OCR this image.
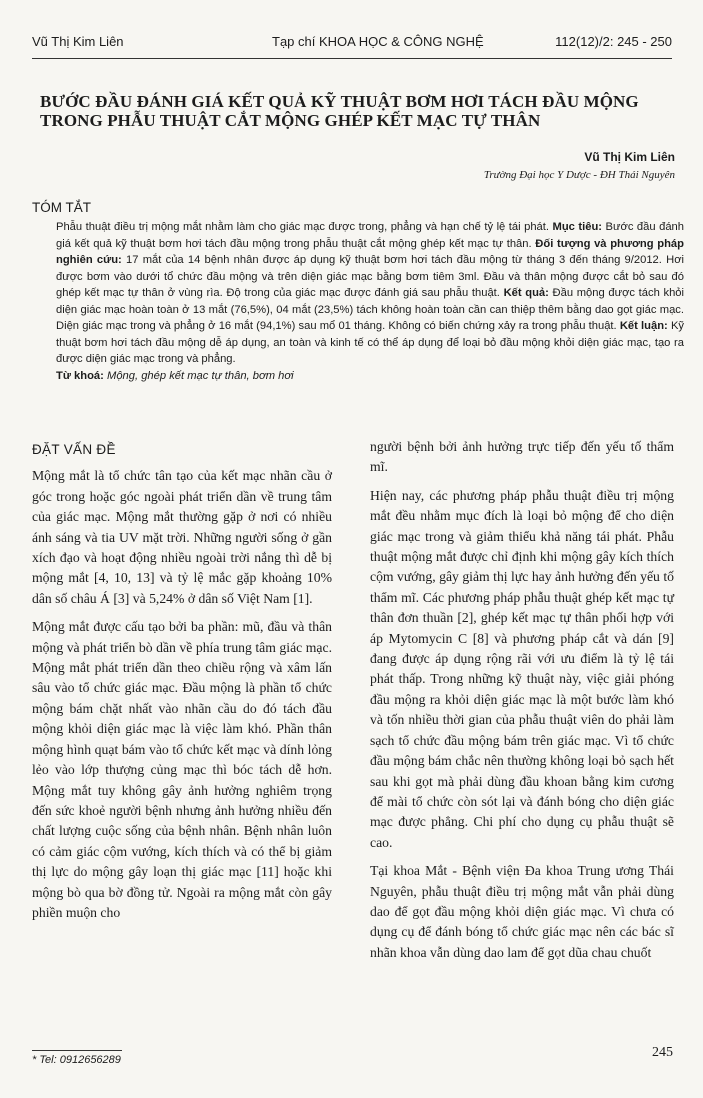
Vũ Thị Kim Liên	Tạp chí KHOA HỌC & CÔNG NGHỆ	112(12)/2: 245 - 250
BƯỚC ĐẦU ĐÁNH GIÁ KẾT QUẢ KỸ THUẬT BƠM HƠI TÁCH ĐẦU MỘNG TRONG PHẪU THUẬT CẮT MỘNG GHÉP KẾT MẠC TỰ THÂN
Vũ Thị Kim Liên
Trường Đại học Y Dược - ĐH Thái Nguyên
TÓM TẮT

Phẫu thuật điều trị mộng mắt nhằm làm cho giác mạc được trong, phẳng và hạn chế tỷ lệ tái phát. Mục tiêu: Bước đầu đánh giá kết quả kỹ thuật bơm hơi tách đầu mộng trong phẫu thuật cắt mộng ghép kết mạc tự thân. Đối tượng và phương pháp nghiên cứu: 17 mắt của 14 bệnh nhân được áp dụng kỹ thuật bơm hơi tách đầu mộng từ tháng 3 đến tháng 9/2012. Hơi được bơm vào dưới tổ chức đầu mộng và trên diện giác mạc bằng bơm tiêm 3ml. Đầu và thân mộng được cắt bỏ sau đó ghép kết mạc tự thân ở vùng rìa. Độ trong của giác mạc được đánh giá sau phẫu thuật. Kết quả: Đầu mộng được tách khỏi diện giác mạc hoàn toàn ở 13 mắt (76,5%), 04 mắt (23,5%) tách không hoàn toàn cần can thiệp thêm bằng dao gọt giác mạc. Diện giác mạc trong và phẳng ở 16 mắt (94,1%) sau mổ 01 tháng. Không có biến chứng xảy ra trong phẫu thuật. Kết luận: Kỹ thuật bơm hơi tách đầu mộng dễ áp dụng, an toàn và kinh tế có thể áp dụng để loại bỏ đầu mộng khỏi diện giác mạc, tạo ra được diện giác mạc trong và phẳng.

Từ khoá: Mộng, ghép kết mạc tự thân, bơm hơi

ĐẶT VẤN ĐỀ

Mộng mắt là tổ chức tân tạo của kết mạc nhãn cầu ở góc trong hoặc góc ngoài phát triển dần về trung tâm của giác mạc. Mộng mắt thường gặp ở nơi có nhiều ánh sáng và tia UV mặt trời. Những người sống ở gần xích đạo và hoạt động nhiều ngoài trời nắng thì dễ bị mộng mắt [4, 10, 13] và tỷ lệ mắc gặp khoảng 10% dân số châu Á [3] và 5,24% ở dân số Việt Nam [1].

Mộng mắt được cấu tạo bởi ba phần: mũ, đầu và thân mộng và phát triển bò dần về phía trung tâm giác mạc. Mộng mắt phát triển dần theo chiều rộng và xâm lấn sâu vào tổ chức giác mạc. Đầu mộng là phần tổ chức mộng bám chặt nhất vào nhãn cầu do đó tách đầu mộng khỏi diện giác mạc là việc làm khó. Phần thân mộng hình quạt bám vào tổ chức kết mạc và dính lỏng lẻo vào lớp thượng củng mạc thì bóc tách dễ hơn. Mộng mắt tuy không gây ảnh hưởng nghiêm trọng đến sức khoẻ người bệnh nhưng ảnh hưởng nhiều đến chất lượng cuộc sống của bệnh nhân. Bệnh nhân luôn có cảm giác cộm vướng, kích thích và có thể bị giảm thị lực do mộng gây loạn thị giác mạc [11] hoặc khi mộng bò qua bờ đồng tử. Ngoài ra mộng mắt còn gây phiền muộn cho

người bệnh bởi ảnh hưởng trực tiếp đến yếu tố thẩm mĩ.

Hiện nay, các phương pháp phẫu thuật điều trị mộng mắt đều nhằm mục đích là loại bỏ mộng để cho diện giác mạc trong và giảm thiểu khả năng tái phát. Phẫu thuật mộng mắt được chỉ định khi mộng gây kích thích cộm vướng, gây giảm thị lực hay ảnh hưởng đến yếu tố thẩm mĩ. Các phương pháp phẫu thuật ghép kết mạc tự thân đơn thuần [2], ghép kết mạc tự thân phối hợp với áp Mytomycin C [8] và phương pháp cắt và dán [9] đang được áp dụng rộng rãi với ưu điểm là tỷ lệ tái phát thấp. Trong những kỹ thuật này, việc giải phóng đầu mộng ra khỏi diện giác mạc là một bước làm khó và tốn nhiều thời gian của phẫu thuật viên do phải làm sạch tổ chức đầu mộng bám trên giác mạc. Vì tổ chức đầu mộng bám chắc nên thường không loại bỏ sạch hết sau khi gọt mà phải dùng đầu khoan bằng kim cương để mài tổ chức còn sót lại và đánh bóng cho diện giác mạc được phẳng. Chi phí cho dụng cụ phẫu thuật sẽ cao.

Tại khoa Mắt - Bệnh viện Đa khoa Trung ương Thái Nguyên, phẫu thuật điều trị mộng mắt vẫn phải dùng dao để gọt đầu mộng khỏi diện giác mạc. Vì chưa có dụng cụ để đánh bóng tổ chức giác mạc nên các bác sĩ nhãn khoa vẫn dùng dao lam để gọt dũa chau chuốt

* Tel: 0912656289	245
